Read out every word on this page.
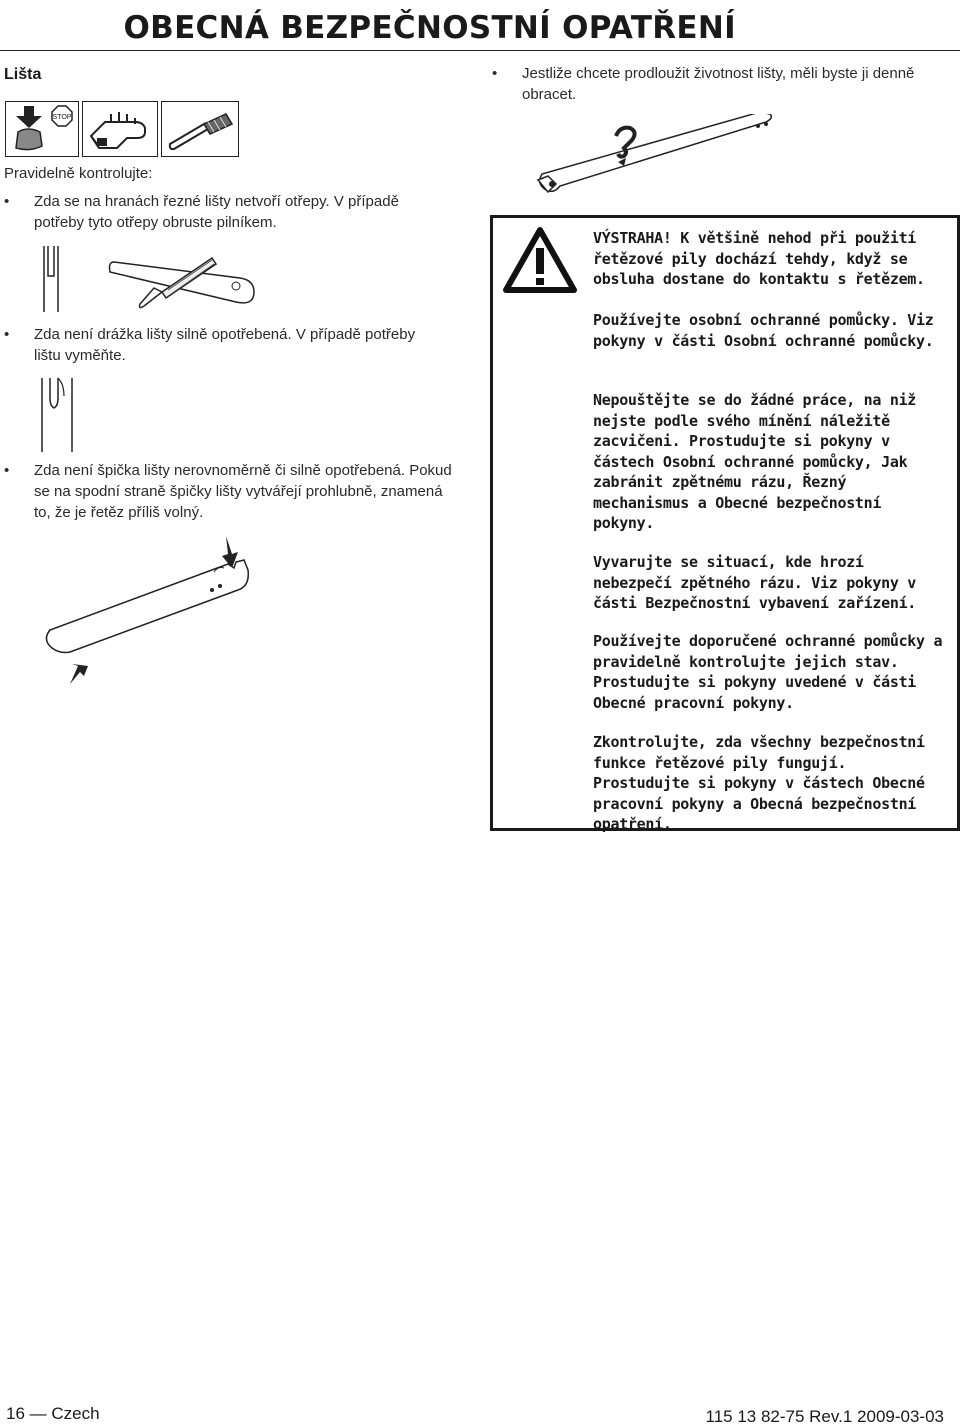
OBECNÁ BEZPEČNOSTNÍ OPATŘENÍ
Lišta
STOP
Pravidelně kontrolujte:
• Zda se na hranách řezné lišty netvoří otřepy. V případě potřeby tyto otřepy obruste pilníkem.
• Zda není drážka lišty silně opotřebená. V případě potřeby lištu vyměňte.
• Zda není špička lišty nerovnoměrně či silně opotřebená. Pokud se na spodní straně špičky lišty vytvářejí prohlubně, znamená to, že je řetěz příliš volný.
• Jestliže chcete prodloužit životnost lišty, měli byste ji denně obracet.
VÝSTRAHA! K většině nehod při použití řetězové pily dochází tehdy, když se obsluha dostane do kontaktu s řetězem.
Používejte osobní ochranné pomůcky. Viz pokyny v části Osobní ochranné pomůcky.
Nepouštějte se do žádné práce, na niž nejste podle svého mínění náležitě zacvičeni. Prostudujte si pokyny v částech Osobní ochranné pomůcky, Jak zabránit zpětnému rázu, Řezný mechanismus a Obecné bezpečnostní pokyny.
Vyvarujte se situací, kde hrozí nebezpečí zpětného rázu. Viz pokyny v části Bezpečnostní vybavení zařízení.
Používejte doporučené ochranné pomůcky a pravidelně kontrolujte jejich stav. Prostudujte si pokyny uvedené v části Obecné pracovní pokyny.
Zkontrolujte, zda všechny bezpečnostní funkce řetězové pily fungují. Prostudujte si pokyny v částech Obecné pracovní pokyny a Obecná bezpečnostní opatření.
16 — Czech	115 13 82-75 Rev.1 2009-03-03
